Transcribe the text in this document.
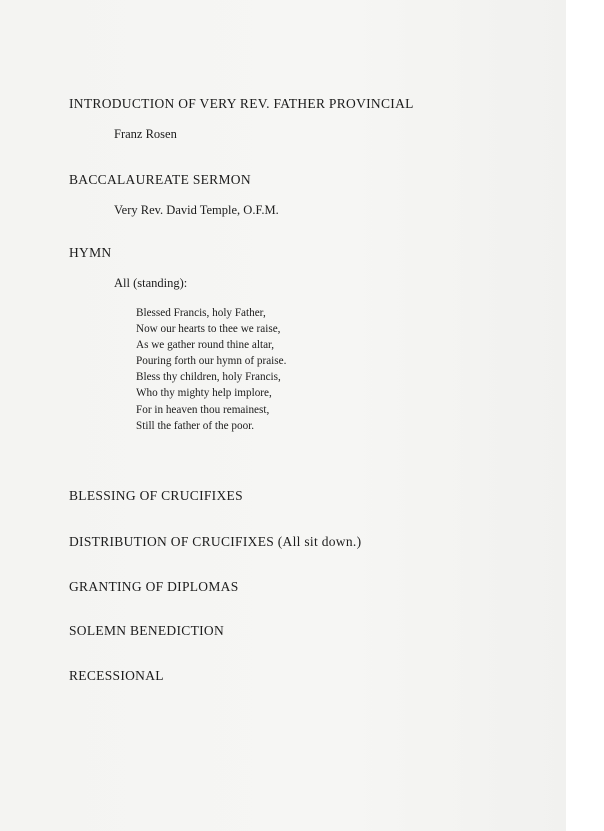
INTRODUCTION OF VERY REV. FATHER PROVINCIAL
Franz Rosen
BACCALAUREATE SERMON
Very Rev. David Temple, O.F.M.
HYMN
All (standing):
Blessed Francis, holy Father,
Now our hearts to thee we raise,
As we gather round thine altar,
Pouring forth our hymn of praise.
Bless thy children, holy Francis,
Who thy mighty help implore,
For in heaven thou remainest,
Still the father of the poor.
BLESSING OF CRUCIFIXES
DISTRIBUTION OF CRUCIFIXES (All sit down.)
GRANTING OF DIPLOMAS
SOLEMN BENEDICTION
RECESSIONAL
